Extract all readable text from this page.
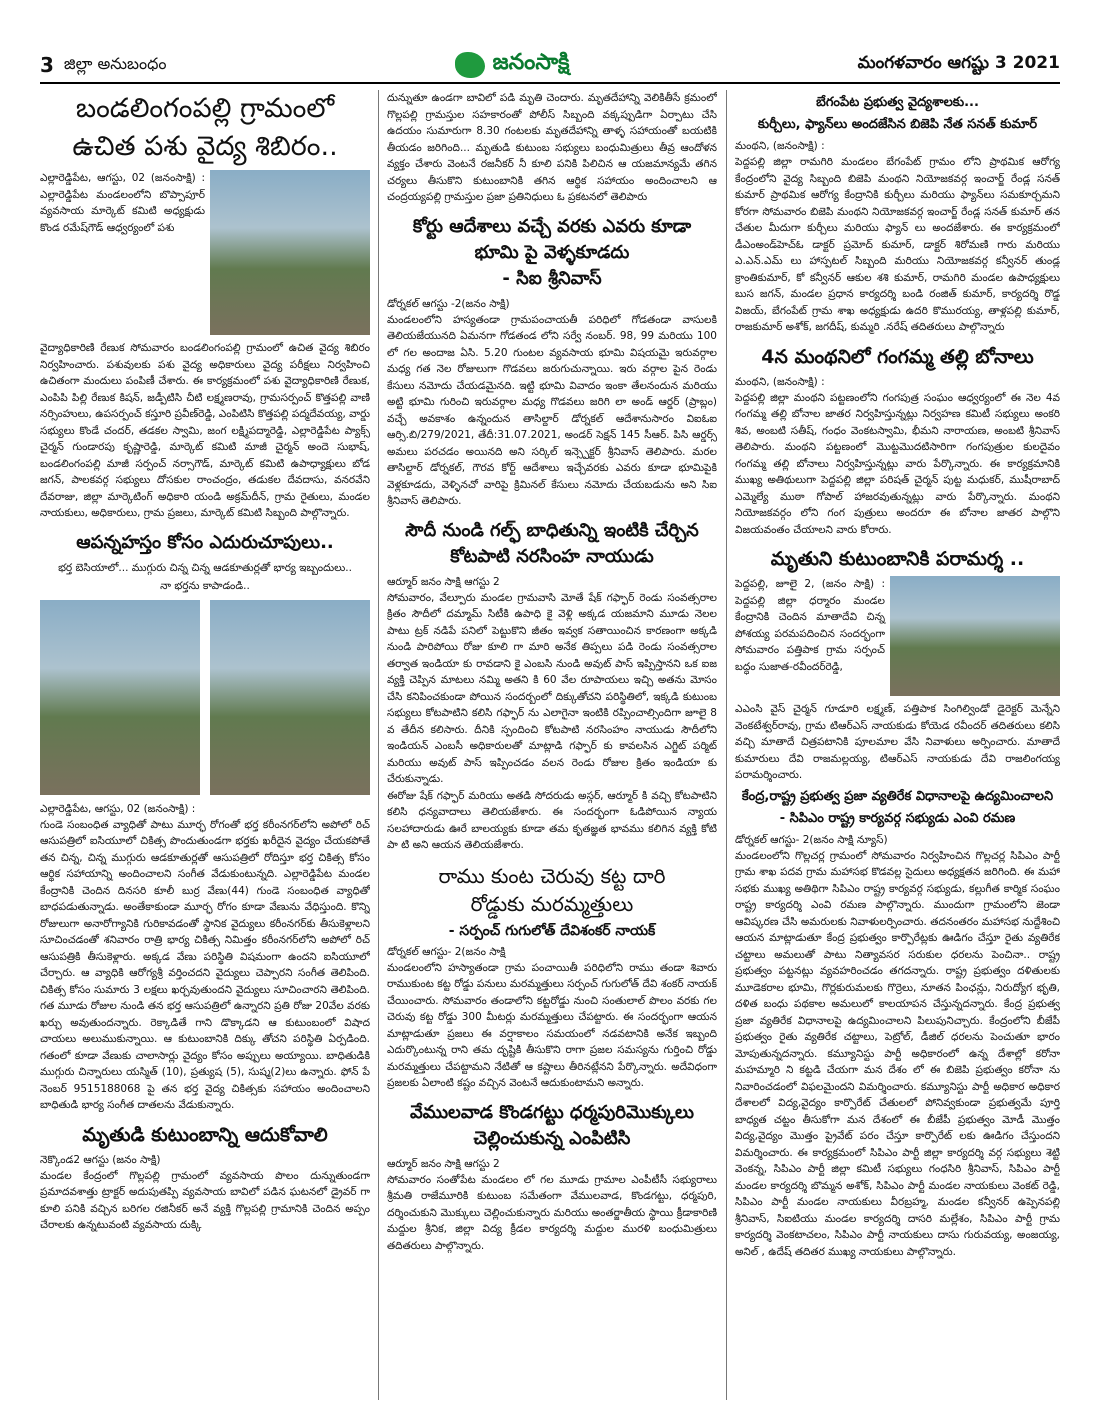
3 జిల్లా అనుబంధం	జనంసాక్షి	మంగళవారం ఆగష్టు 3 2021
బండలింగంపల్లి గ్రామంలో
ఉచిత పశు వైద్య శిబిరం..

ఎల్లారెడ్డిపేట, ఆగస్టు, 02 (జనంసాక్షి) : ఎల్లారెడ్డిపేట మండలంలోని బొప్పాపూర్ వ్యవసాయ మార్కెట్ కమిటి అధ్యక్షుడు కొండ రమేష్‌గౌడ్ ఆధ్వర్యంలో పశు

వైద్యాధికారిణి రేణుక సోమవారం బండలింగంపల్లి గ్రామంలో ఉచిత వైద్య శిబిరం నిర్వహించారు. పశువులకు పశు వైద్య అధికారులు వైద్య పరీక్షలు నిర్వహించి ఉచితంగా మందులు పంపిణీ చేశారు. ఈ కార్యక్రమంలో పశు వైద్యాధికారిణి రేణుక, ఎంపిపి పిల్లి రేణుక కిషన్, జడ్పీటిసి చీటి లక్ష్మణరావు, గ్రామసర్పంచ్ కొత్తపల్లి వాణి నర్సింహులు, ఉపసర్పంచ్ కస్తూరి ప్రవీణ్‌రెడ్డి, ఎంపిటిసి కొత్తపల్లి పద్మదేవయ్య, వార్డు సభ్యులు కొండే చందర్, తడకల స్వామి, జంగ లక్ష్మిపద్మారెడ్డి, ఎల్లారెడ్డిపేట ప్యాక్స్ చైర్మన్ గుండారపు కృష్ణారెడ్డి, మార్కెట్ కమిటి మాజీ చైర్మన్ అందె సుభాష్, బండలింగంపల్లి మాజీ సర్పంచ్ నర్సాగౌడ్, మార్కెట్ కమిటి ఉపాధ్యాక్షులు బోడ జగన్, పాలకవర్గ సభ్యులు దోసకుల రాంచంద్రం, తడుకల దేవదాసు, వనరవేని దేవరాజు, జిల్లా మార్కెటింగ్ అధికారి యండి అక్రమ్‌దీన్, గ్రామ రైతులు, మండల నాయకులు, అధికారులు, గ్రామ ప్రజలు, మార్కెట్ కమిటి సిబ్బంది పాల్గొన్నారు.

ఆపన్నహస్తం కోసం ఎదురుచూపులు..
భర్త బెసియాలో... ముగ్గురు చిన్న చిన్న ఆడకూతుర్లతో భార్య ఇబ్బందులు..
నా భర్తను కాపాడండి..
ఎల్లారెడ్డిపేట, ఆగస్టు, 02 (జనంసాక్షి) :

గుండె సంబంధిత వ్యాధితో పాటు మూర్ఛ రోగంతో భర్త కరీంనగర్‌లోని అపోలో రిచ్ ఆసుపత్రిలో ఐసియూలో చికిత్స పొందుతుండగా భర్తకు ఖరీదైన వైద్యం చేయకపోతే తన చిన్న, చిన్న ముగ్గురు ఆడకూతుర్లతో ఆసుపత్రిలో రోదిస్తూ భర్త చికిత్స కోసం ఆర్థిక సహాయాన్ని అందించాలని సంగీత వేడుకుంటున్నది. ఎల్లారెడ్డిపేట మండల కేంద్రానికి చెందిన దినసరి కూలీ బుర్ర వేణు(44) గుండె సంబంధిత వ్యాధితో బాధపడుతున్నాడు. అంతేకాకుండా మూర్ఛ రోగం కూడా వేణును వేధిస్తుంది. కొన్ని రోజులుగా అనారోగ్యానికి గురికావడంతో స్థానిక వైద్యులు కరీంనగర్‌కు తీసుకెళ్లాలని సూచించడంతో శనివారం రాత్రి భార్య చికిత్స నిమిత్తం కరీంనగర్‌లోని అపోలో రిచ్ ఆసుపత్రికి తీసుకెళ్లారు. అక్కడ వేణు పరిస్థితి విషమంగా ఉందని ఐసియూలో చేర్చారు. ఆ వ్యాధికి ఆరోగ్యశ్రీ వర్తించదని వైద్యులు చెప్పారని సంగీత తెలిపింది. చికిత్స కోసం సుమారు 3 లక్షలు ఖర్చవుతుందని వైద్యులు సూచించారని తెలిపింది. గత మూడు రోజుల నుండి తన భర్త ఆసుపత్రిలో ఉన్నారని ప్రతి రోజు 20వేల వరకు ఖర్చు అవుతుందన్నారు. రెక్కాడితే గాని డొక్కాడని ఆ కుటుంబంలో విషాద చాయలు అలుముకున్నాయి. ఆ కుటుంబానికి దిక్కు తోచని పరిస్థితి ఏర్పడింది. గతంలో కూడా వేణుకు చాలాసార్లు వైద్యం కోసం అప్పులు అయ్యాయి. బాధితుడికి ముగ్గురు చిన్నారులు యస్మిత్ (10), ప్రత్యుష (5), సుష్మ(2)లు ఉన్నారు. ఫోన్ పే నెంబర్ 9515188068 పై తన భర్త వైద్య చికిత్సకు సహాయం అందించాలని బాధితుడి భార్య సంగీత దాతలను వేడుకున్నారు.

మృతుడి కుటుంబాన్ని ఆదుకోవాలి
నెక్కొండ2 ఆగస్టు (జనం సాక్షి)

మండల కేంద్రంలో గొల్లపల్లి గ్రామంలో వ్యవసాయ పొలం దున్నుతుండగా ప్రమాదవశాత్తు ట్రాక్టర్ అదుపుతప్పి వ్యవసాయ బావిలో పడిన ఘటనలో డ్రైవర్ గా కూలి పనికి వచ్చిన బరిగల రజినీకర్ అనే వ్యక్తి గొల్లపల్లి గ్రామానికి చెందిన అప్పం చేరాలకు ఉన్నటువంటి వ్యవసాయ దుక్కి

దున్నుతూ ఉండగా బావిలో పడి మృతి చెందారు. మృతదేహాన్ని వెలికితీసే క్రమంలో గొల్లపల్లి గ్రామస్తుల సహకారంతో పోలీస్ సిబ్బంది వక్కప్పుడిగా ఏర్పాటు చేసి ఉదయం సుమారుగా 8.30 గంటలకు మృతదేహాన్ని తాళ్ళ సహాయంతో బయటికి తీయడం జరిగింది... మృతుడి కుటుంబ సభ్యులు బంధుమిత్రులు తీవ్ర ఆందోళన వ్యక్తం చేశారు వెంటనే రజనీకర్ నీ కూలి పనికి పిలిచిన ఆ యజమాన్యమే తగిన చర్యలు తీసుకొని కుటుంబానికి తగిన ఆర్థిక సహాయం అందించాలని ఆ చంద్రయ్యపల్లి గ్రామస్తుల ప్రజా ప్రతినిధులు ఓ ప్రకటనలో తెలిపారు

కోర్టు ఆదేశాలు వచ్చే వరకు ఎవరు కూడా
భూమి పై వెళ్ళకూడదు
- సిఐ శ్రీనివాస్
డోర్నకల్ ఆగస్టు -2(జనం సాక్షి)

మండలంలోని హస్యతండా గ్రామపంచాయతీ పరిధిలో గోడతండా వాసులకి తెలియజేయునది ఏమనగా గోడతండ లోని సర్వే నంబర్. 98, 99 మరియు 100 లో గల అందాజ ఏసి. 5.20 గుంటల వ్యవసాయ భూమి విషయమై ఇరువర్గాల మధ్య గత నెల రోజులుగా గొడవలు జరుగుచున్నాయి. ఇరు వర్గాల పైన రెండు కేసులు నమోదు చేయడమైనది. ఇట్టి భూమి వివాదం ఇంకా తేలనందున మరియు అట్టి భూమి గురించి ఇరువర్గాల మధ్య గొడవలు జరిగి లా అండ్ ఆర్డర్ (ప్రాబ్లం) వచ్చే అవకాశం ఉన్నందున తాసిల్దార్ డోర్నకల్ ఆదేశానుసారం విఐఓఐ ఆర్సి.బి/279/2021, తేదీ:31.07.2021, అండర్ సెక్షన్ 145 సీఆర్. పిసి ఆర్డర్స్ అమలు పరచడం అయినది అని సర్కిల్ ఇన్స్పెక్టర్ శ్రీనివాస్ తెలిపారు. మరల తాసిల్దార్ డోర్నకల్, గౌరవ కోర్ట్ ఆదేశాలు ఇచ్చేవరకు ఎవరు కూడా భూమిపైకి వెళ్లకూడదు, వెళ్ళినచో వారిపై క్రిమినల్ కేసులు నమోదు చేయబడును అని సిఐ శ్రీనివాస్ తెలిపారు.

సౌదీ నుండి గల్ఫ్ బాధితున్ని ఇంటికి చేర్చిన
కోటపాటి నరసింహ నాయుడు
ఆర్మూర్ జనం సాక్షి ఆగస్టు 2

సోమవారం, వేల్పూరు మండల గ్రామవాసి మోతే షేక్ గఫ్ఫార్ రెండు సంవత్సరాల క్రితం సౌదీలో దమ్మామ్ సిటీకి ఉపాధి కై వెళ్లి అక్కడ యజమాని మూడు నెలల పాటు ట్రక్ నడిపే పనిలో పెట్టుకొని జీతం ఇవ్వక సతాయించిన కారణంగా అక్కడి నుండి పారిపోయి రోజు కూలి గా మారి అనేక తిప్పలు పడి రెండు సంవత్సరాల తర్వాత ఇండియా కు రావడాని కై ఎంబసి నుండి అవుట్ పాస్ ఇప్పిస్తానని ఒక ఐజ వ్యక్తి చెప్పిన మాటలు నమ్మి అతని కి 60 వేల రూపాయలు ఇచ్చి అతను మోసం చేసి కనిపించకుండా పోయిన సందర్బంలో దిక్కుతోచని పరిస్థితిలో, ఇక్కడి కుటుంబ సభ్యులు కోటపాటిని కలిసి గఫ్ఫార్ ను ఎలాగైనా ఇంటికి రప్పించాల్సిందిగా జూలై 8 వ తేదీన కలిసారు. దీనికి స్పందించి కోటపాటి నరసింహం నాయుడు సౌదీలోని ఇండియన్ ఎంబసీ అధికారులతో మాట్లాడి గఫ్ఫార్ కు కావలసిన ఎగ్జిట్ పర్మిట్ మరియు అవుట్ పాస్ ఇప్పించడం వలన రెండు రోజుల క్రితం ఇండియా కు చేరుకున్నాడు.

ఈరోజు షేక్ గఫ్ఫార్ మరియు అతడి సోదరుడు అస్గర్, ఆర్మూర్ కి వచ్చి కోటపాటిని కలిసి ధన్యవాదాలు తెలియజేశారు. ఈ సందర్భంగా ఓడిపోయిన న్యాయ సలహాదారుడు ఊరే బాలయ్యకు కూడా తమ కృతజ్ఞత భావము కలిగిన వ్యక్తి కోటి పా టి అని ఆయన తెలియజేశారు.

రాము కుంట చెరువు కట్ట దారి
రోడ్డుకు మరమ్మత్తులు
- సర్పంచ్ గుగులోత్ దేవిశంకర్ నాయక్
డోర్నకల్ ఆగస్టు- 2(జనం సాక్షి

మండలంలోని హస్యాతండా గ్రామ పంచాయితీ పరిధిలోని రాము తండా శివారు రాముకుంట కట్ట రోడ్డు పనులు మరమ్మత్తులు సర్పంచ్ గుగులోత్ దేవి శంకర్ నాయక్ చేయించారు. సోమవారం తండాలోని కట్టరోడ్డు నుంచి సంతులాల్ పొలం వరకు గల చెరువు కట్ట రోడ్డు 300 మీటర్లు మరమ్మత్తులు చేపట్టారు. ఈ సందర్భంగా ఆయన మాట్లాడుతూ ప్రజలు ఈ వర్షాకాలం సమయంలో నడవటానికి అనేక ఇబ్బంది ఎదుర్కొంటున్న రాని తమ దృష్టికి తీసుకొని రాగా ప్రజల సమస్యను గుర్తించి రోడ్డు మరమ్మత్తులు చేపట్టామని నేటితో ఆ కష్టాలు తీరినట్లేనని పేర్కొన్నారు. అదేవిధంగా ప్రజలకు ఏలాంటి కష్టం వచ్చిన వెంటనే ఆదుకుంటామని అన్నారు.

వేములవాడ కొండగట్టు ధర్మపురిమొక్కులు
చెల్లించుకున్న ఎంపిటిసి
ఆర్మూర్ జనం సాక్షి ఆగస్టు 2

సోమవారం సంతోపేట మండలం లో గల మూడు గ్రామాల ఎంపీటీసీ సభ్యురాలు శ్రీమతి రాజేమూరికి కుటుంబ సమేతంగా వేములవాడ, కొండగట్టు, ధర్మపురి, దర్శించుకుని మొక్కులు చెల్లించుకున్నారు మరియు అంతర్జాతీయ స్థాయి క్రీడాకారిణి మద్దుల శ్రీనిక, జిల్లా విద్య క్రీడల కార్యదర్శి మద్దుల మురళి బంధుమిత్రులు తదితరులు పాల్గొన్నారు.

బేగంపేట ప్రభుత్వ వైద్యశాలకు...
కుర్చీలు, ఫ్యాన్‌లు అందజేసిన బిజెపి నేత సనత్ కుమార్
మంథని, (జనంసాక్షి) :

పెద్దపల్లి జిల్లా రామగిరి మండలం బేగంపేట్ గ్రామం లోని ప్రాథమిక ఆరోగ్య కేంద్రంలోని వైద్య సిబ్బంది బిజెపి మంథని నియోజకవర్గ ఇంచార్జ్ రేండ్ల సనత్ కుమార్ ప్రాథమిక ఆరోగ్య కేంద్రానికి కుర్చీలు మరియు ఫ్యాన్‌లు సమకూర్చమని కోరగా సోమవారం బిజెపి మంథని నియోజకవర్గ ఇంచార్జ్ రేండ్ల సనత్ కుమార్ తన చేతుల మీదుగా కుర్చీలు మరియు ఫ్యాన్ లు అందజేశారు. ఈ కార్యక్రమంలో డీఎంఅండ్‌హెచ్‌ఓ డాక్టర్ ప్రమోద్ కుమార్, డాక్టర్ శిరోమణి గారు మరియు ఎ.ఎన్.ఎమ్ లు హాస్పటల్ సిబ్బంది మరియు నియోజకవర్గ కన్వీనర్ తుండ్ల క్రాంతికుమార్, కో కన్వీనర్ ఆకుల శశి కుమార్, రామగిరి మండల ఉపాధ్యక్షులు బుస జగన్, మండల ప్రధాన కార్యదర్శి బండి రంజిత్ కుమార్, కార్యదర్శి రొడ్డ విజయ్, బేగంపేట్ గ్రామ శాఖ అధ్యక్షుడు ఉదరి కొమురయ్య, తాళ్లపల్లి కుమార్, రాజకుమార్ అశోక్, జగదీష్, కుమ్మరి .నరేష్ తదితరులు పాల్గొన్నారు

4న మంథనిలో గంగమ్మ తల్లి బోనాలు
మంథని, (జనంసాక్షి) :

పెద్దపల్లి జిల్లా మంథని పట్టణంలోని గంగపుత్ర సంఘం ఆధ్వర్యంలో ఈ నెల 4వ గంగమ్మ తల్లి బోనాల జాతర నిర్వహిస్తున్నట్లు నిర్వహణ కమిటీ సభ్యులు అంకరి శివ, అంబటి సతీష్, గంధం వెంకటస్వామి, భీమని నారాయణ, అంబటి శ్రీనివాస్ తెలిపారు. మంథని పట్టణంలో మొట్టమొదటిసారిగా గంగపుత్రుల కులదైవం గంగమ్మ తల్లి బోనాలు నిర్వహిస్తున్నట్లు వారు పేర్కొన్నారు. ఈ కార్యక్రమానికి ముఖ్య అతిథులుగా పెద్దపల్లి జిల్లా పరిషత్ చైర్మన్ పుట్ట మధుకర్, ముషీరాబాద్ ఎమ్మెల్యే ముఠా గోపాల్ హాజరవుతున్నట్లు వారు పేర్కొన్నారు. మంథని నియోజకవర్గం లోని గంగ పుత్రులు అందరూ ఈ బోనాల జాతర పాల్గొని విజయవంతం చేయాలని వారు కోరారు.

మృతుని కుటుంబానికి పరామర్శ ..

పెద్దపల్లి, జూలై 2, (జనం సాక్షి) : పెద్దపల్లి జిల్లా ధర్మారం మండల కేంద్రానికి చెందిన మాతాదేవి చిన్న పోశయ్య పరమపదించిన సందర్భంగా సోమవారం పత్తిపాక గ్రామ సర్పంచ్ బద్ధం సుజాత-రవీందర్‌రెడ్డి,

ఎఎంసి వైస్ చైర్మన్ గూడూరి లక్ష్మణ్, పత్తిపాక సింగిల్విండో డైరెక్టర్ మెన్నేని వెంకటేశ్వర్‌రావు, గ్రామ టిఆర్ఎస్ నాయకుడు కోయెడ రవీందర్ తదితరులు కలిసి వచ్చి మాతాదే చిత్రపటానికి పూలమాల వేసి నివాళులు అర్పించారు. మాతాదే కుమారులు దేవి రాజమల్లయ్య, టిఆర్ఎస్ నాయకుడు దేవి రాజలింగయ్య పరామర్శించారు.

కేంద్ర,రాష్ట్ర ప్రభుత్వ ప్రజా వ్యతిరేక విధానాలపై ఉద్యమించాలని
- సిపిఎం రాష్ట్ర కార్యవర్గ సభ్యుడు ఎంవి రమణ
డోర్నకల్ ఆగస్టు- 2(జనం సాక్షి న్యూస్)

మండలంలోని గొల్లచర్ల గ్రామంలో సోమవారం నిర్వహించిన గొల్లచర్ల సిపిఎం పార్టీ గ్రామ శాఖ పదవ గ్రామ మహాసభ కొడవల్ల సైదులు అధ్యక్షతన జరిగింది. ఈ మహా సభకు ముఖ్య అతిథిగా సిపిఎం రాష్ట్ర కార్యవర్గ సభ్యుడు, కల్లుగీత కార్మిక సంఘం రాష్ట్ర కార్యదర్శి ఎంవి రమణ పాల్గొన్నారు. ముందుగా గ్రామంలోని జెండా ఆవిష్కరణ చేసి అమరులకు నివాళులర్పించారు. తదనంతరం మహాసభ నుద్దేశించి ఆయన మాట్లాడుతూ కేంద్ర ప్రభుత్వం కార్పొరేట్లకు ఊడిగం చేస్తూ రైతు వ్యతిరేక చట్టాలు అమలుతో పాటు నిత్యావసర సరుకుల ధరలను పెంచినా.. రాష్ట్ర ప్రభుత్వం పట్టనట్లు వ్యవహరించడం తగదన్నారు. రాష్ట్ర ప్రభుత్వం దళితులకు మూడెకరాల భూమి, గొర్లకురుమలకు గొర్రెలు, నూతన పింఛన్లు, నిరుద్యోగ భృతి, దళిత బంధు పథకాల అమలులో కాలయాపన చేస్తున్నదన్నారు. కేంద్ర ప్రభుత్వ ప్రజా వ్యతిరేక విధానాలపై ఉద్యమించాలని పిలుపునిచ్చారు. కేంద్రంలోని బీజేపీ ప్రభుత్వం రైతు వ్యతిరేక చట్టాలు, పెట్రోల్, డీజిల్ ధరలను పెంచుతూ భారం మోపుతున్నదన్నారు. కమ్యూనిస్టు పార్టీ అధికారంలో ఉన్న దేశాల్లో కరోనా మహమ్మారి ని కట్టడి చేయగా మన దేశం లో ఈ బిజెపి ప్రభుత్వం కరోనా ను నివారించడంలో విఫలమైందని విమర్శించారు. కమ్యూనిస్టు పార్టీ అధికార అధికార దేశాలలో విద్య,వైద్యం కార్పొరేట్ చేతులలో పోనివ్వకుండా ప్రభుత్వమే పూర్తి బాధ్యత చట్టం తీసుకోగా మన దేశంలో ఈ బీజేపీ ప్రభుత్వం మోడీ మొత్తం విద్య,వైద్యం మొత్తం ప్రైవేట్ పరం చేస్తూ కార్పొరేట్ లకు ఊడిగం చేస్తుందని విమర్శించారు. ఈ కార్యక్రమంలో సిపిఎం పార్టీ జిల్లా కార్యదర్శి వర్గ సభ్యులు శెట్టి వెంకన్న, సిపిఎం పార్టీ జిల్లా కమిటీ సభ్యులు గంధసిరి శ్రీనివాస్, సిపిఎం పార్టీ మండల కార్యదర్శి బొమ్మన అశోక్, సిపిఎం పార్టీ మండల నాయకులు వెంకట్ రెడ్డి, సిపిఎం పార్టీ మండల నాయకులు వీరబ్రహ్మ, మండల కన్వీనర్ ఉప్పెనపల్లి శ్రీనివాస్, సిఐటియు మండల కార్యదర్శి దాసరి మల్లేశం, సిపిఎం పార్టీ గ్రామ కార్యదర్శి వెంకటాచలం, సిపిఎం పార్టీ నాయకులు దాసు గురువయ్య, అంజయ్య, అనిల్ , ఉదేష్ తదితర ముఖ్య నాయకులు పాల్గొన్నారు.
